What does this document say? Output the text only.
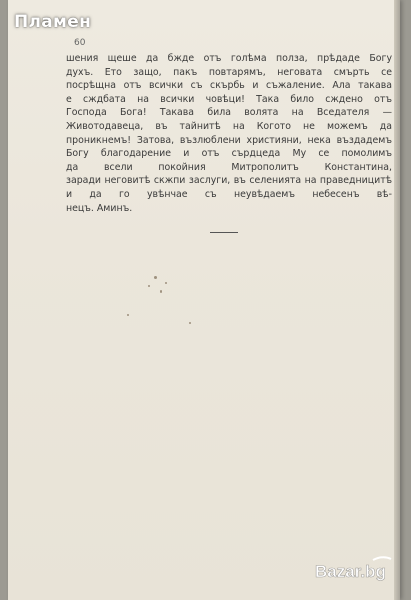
60
шения щеше да бжде отъ голѣма полза, прѣдаде Богу
духъ. Ето защо, пакъ повтарямъ, неговата смърть се
посрѣщна отъ всички съ скърбь и съжаление. Ала такава
е сждбата на всички човѣци! Така било сждено отъ
Господа Бога! Такава била волята на Вседателя —
Животодавеца, въ тайнитѣ на Когото не можемъ да
проникнемъ! Затова, възлюблени християни, нека въздадемъ
Богу благодарение и отъ сърдцеда Му се помолимъ
да всели покойния Митрополитъ Константина,
заради неговитѣ скжпи заслуги, въ селенията на праведницитѣ
и да го увѣнчае съ неувѣдаемъ небесенъ вѣ-
нецъ. Аминъ.
Пламен
Bazar.bg
